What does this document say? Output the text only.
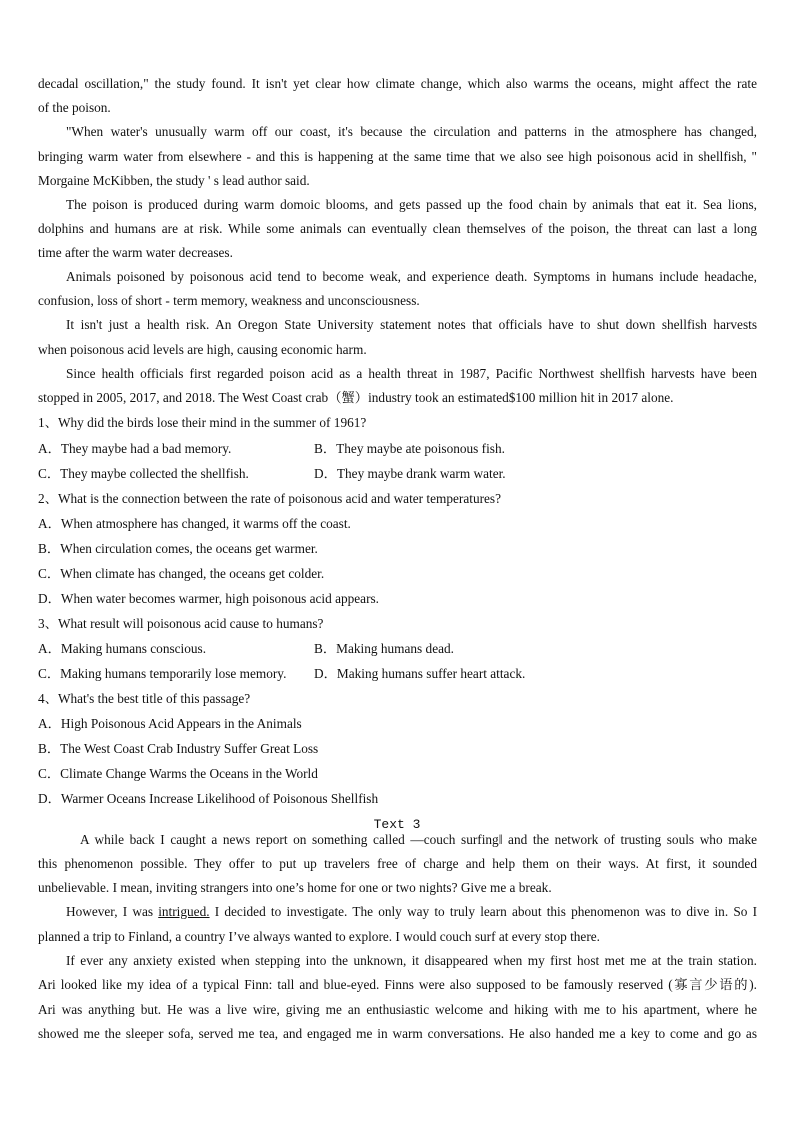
decadal oscillation," the study found. It isn't yet clear how climate change, which also warms the oceans, might affect the rate
of the poison.
"When water's unusually warm off our coast, it's because the circulation and patterns in the atmosphere has changed,
bringing warm water from elsewhere - and this is happening at the same time that we also see high poisonous acid in shellfish, "
Morgaine McKibben, the study ' s lead author said.
The poison is produced during warm domoic blooms, and gets passed up the food chain by animals that eat it. Sea lions,
dolphins and humans are at risk. While some animals can eventually clean themselves of the poison, the threat can last a long
time after the warm water decreases.
Animals poisoned by poisonous acid tend to become weak, and experience death. Symptoms in humans include headache,
confusion, loss of short - term memory, weakness and unconsciousness.
It isn't just a health risk. An Oregon State University statement notes that officials have to shut down shellfish harvests
when poisonous acid levels are high, causing economic harm.
Since health officials first regarded poison acid as a health threat in 1987, Pacific Northwest shellfish harvests have been
stopped in 2005, 2017, and 2018. The West Coast crab（蟹）industry took an estimated$100 million hit in 2017 alone.
1、Why did the birds lose their mind in the summer of 1961?
A．They maybe had a bad memory.	B．They maybe ate poisonous fish.
C．They maybe collected the shellfish.	D．They maybe drank warm water.
2、What is the connection between the rate of poisonous acid and water temperatures?
A．When atmosphere has changed, it warms off the coast.
B．When circulation comes, the oceans get warmer.
C．When climate has changed, the oceans get colder.
D．When water becomes warmer, high poisonous acid appears.
3、What result will poisonous acid cause to humans?
A．Making humans conscious.	B．Making humans dead.
C．Making humans temporarily lose memory. D．Making humans suffer heart attack.
4、What's the best title of this passage?
A．High Poisonous Acid Appears in the Animals
B．The West Coast Crab Industry Suffer Great Loss
C．Climate Change Warms the Oceans in the World
D．Warmer Oceans Increase Likelihood of Poisonous Shellfish
Text 3
A while back I caught a news report on something called ―couch surfing‖ and the network of trusting souls who make
this phenomenon possible. They offer to put up travelers free of charge and help them on their ways. At first, it sounded
unbelievable. I mean, inviting strangers into one’s home for one or two nights? Give me a break.
However, I was intrigued. I decided to investigate. The only way to truly learn about this phenomenon was to dive in. So I
planned a trip to Finland, a country I’ve always wanted to explore. I would couch surf at every stop there.
If ever any anxiety existed when stepping into the unknown, it disappeared when my first host met me at the train station.
Ari looked like my idea of a typical Finn: tall and blue-eyed. Finns were also supposed to be famously reserved (寡言少语的).
Ari was anything but. He was a live wire, giving me an enthusiastic welcome and hiking with me to his apartment, where he
showed me the sleeper sofa, served me tea, and engaged me in warm conversations. He also handed me a key to come and go as
